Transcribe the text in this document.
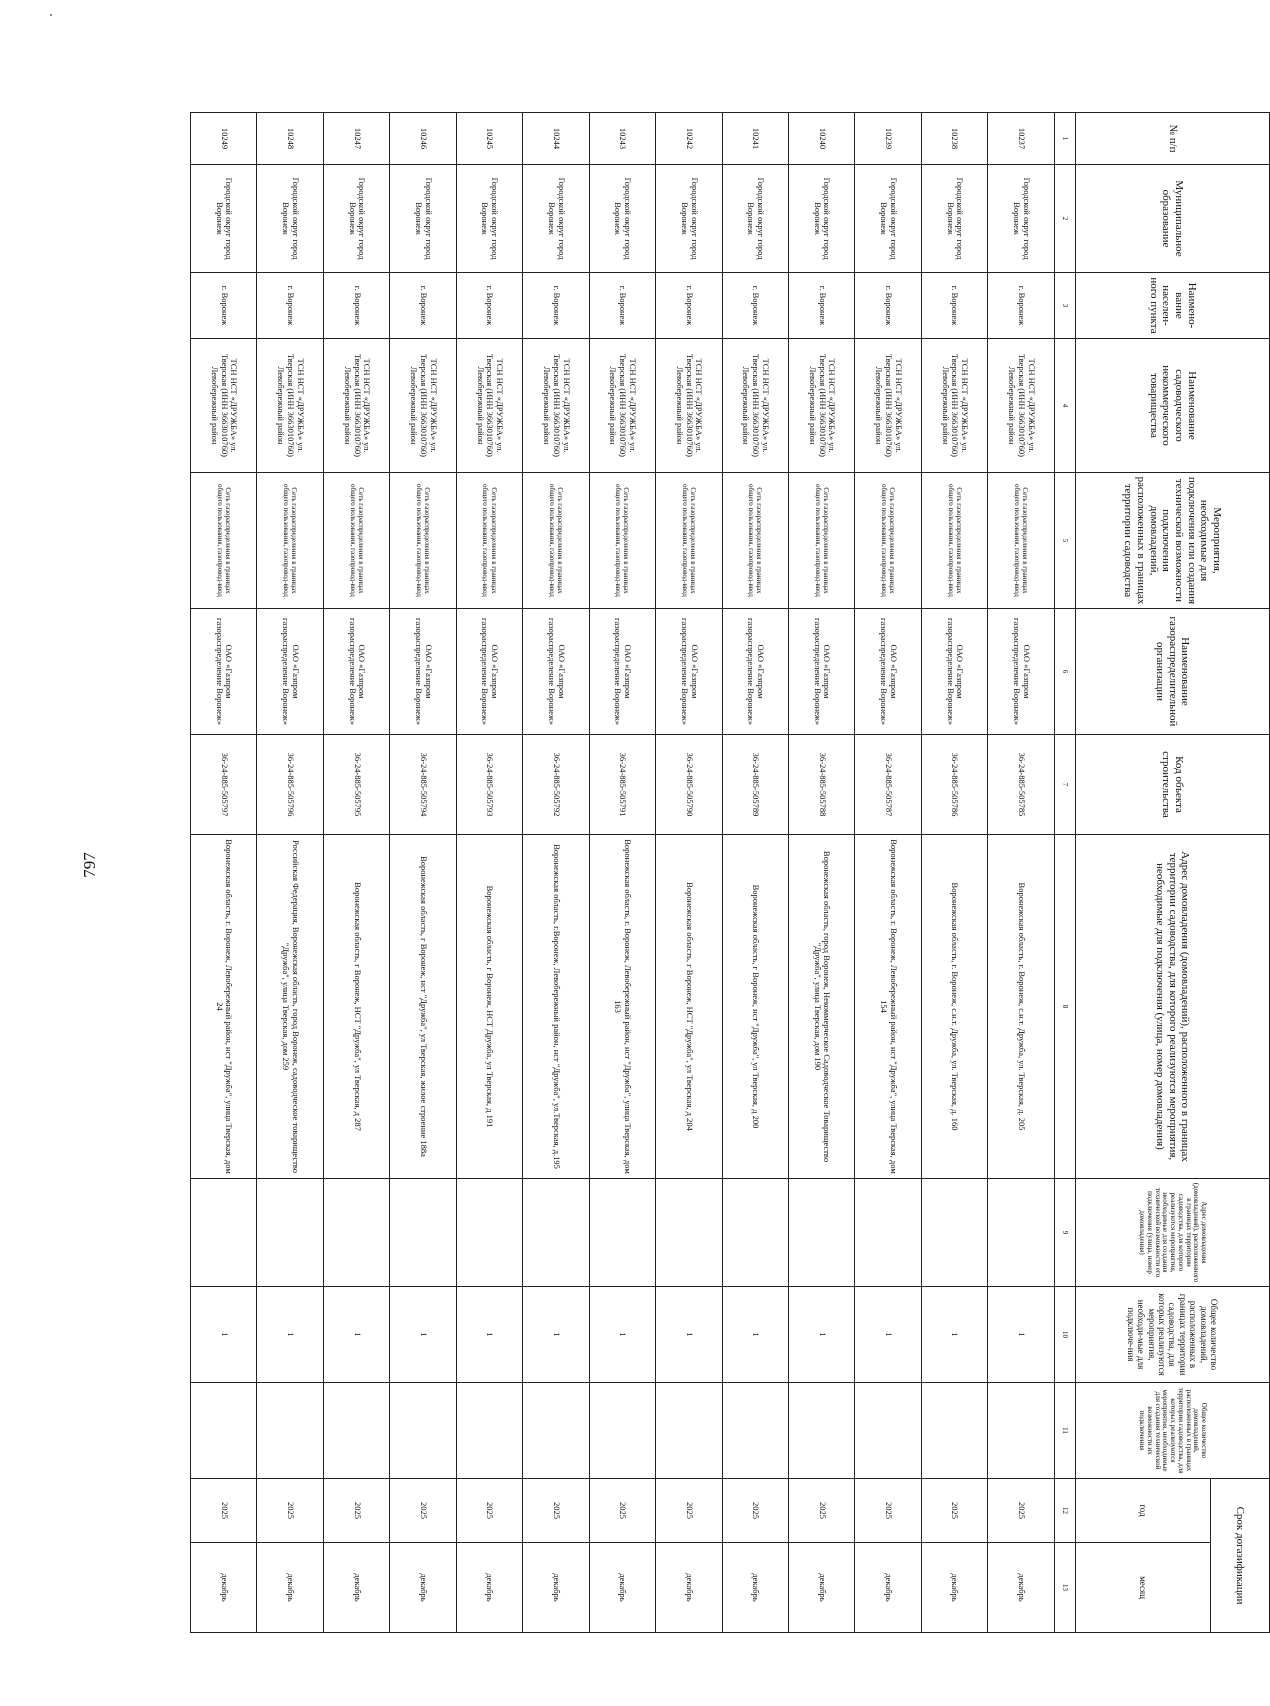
797
№ п/п	Муниципальное образование	Наимено-вание населен-ного пункта	Наименование садоводческого некоммерческого товарищества	Мероприятия, необходимые для подключения или создания технической возможности подключения домовладений, расположенных в границах территории садоводства	Наименование газораспределительной организации	Код объекта строительства	Адрес домовладения (домовладений), расположенного в границах территории садоводства, для которого реализуются мероприятия, необходимые для подключения (улица, номер домовладения)	Адрес домовладения (домовладений), расположенного в границах территории садоводства, для которого реализуются мероприятия, необходимые для создания технической возможности его подключения (улица, номер домовладения)	Общее количество домовладений, расположенных в границах территории садоводства, для которых реализуются мероприятия, необходи-мые для подключе-ния	Общее количество домовладений, расположенных в границах территории садоводства, для которых реализуются мероприятия, необходимые для создания технической возможности их подключения	Срок догазификации	
											год	месяц
1	2	3	4	5	6	7	8	9	10	11	12	13
10237	Городской округ город Воронеж	г. Воронеж	ТСН НСТ «ДРУЖБА» ул. Тверская (ИНН 3663010760) Левобережный район	Сеть газораспределения в границах общего пользования, газопровод-ввод	ОАО «Газпром газораспределение Воронеж»	36-24-885-505785	Воронежская область, г. Воронеж, с.н.т. Дружба, ул. Тверская, д. 205		1		2025	декабрь
10238	Городской округ город Воронеж	г. Воронеж	ТСН НСТ «ДРУЖБА» ул. Тверская (ИНН 3663010760) Левобережный район	Сеть газораспределения в границах общего пользования, газопровод-ввод	ОАО «Газпром газораспределение Воронеж»	36-24-885-505786	Воронежская область, г. Воронеж, с.н.т. Дружба, ул. Тверская, д. 160		1		2025	декабрь
10239	Городской округ город Воронеж	г. Воронеж	ТСН НСТ «ДРУЖБА» ул. Тверская (ИНН 3663010760) Левобережный район	Сеть газораспределения в границах общего пользования, газопровод-ввод	ОАО «Газпром газораспределение Воронеж»	36-24-885-505787	Воронежская область, г. Воронеж, Левобережный район, нст "Дружба", улица Тверская, дом 154		1		2025	декабрь
10240	Городской округ город Воронеж	г. Воронеж	ТСН НСТ «ДРУЖБА» ул. Тверская (ИНН 3663010760) Левобережный район	Сеть газораспределения в границах общего пользования, газопровод-ввод	ОАО «Газпром газораспределение Воронеж»	36-24-885-505788	Воронежская область, город Воронеж, Некоммерческое Садоводческое Товарищество "Дружба", улица Тверская, дом 190		1		2025	декабрь
10241	Городской округ город Воронеж	г. Воронеж	ТСН НСТ «ДРУЖБА» ул. Тверская (ИНН 3663010760) Левобережный район	Сеть газораспределения в границах общего пользования, газопровод-ввод	ОАО «Газпром газораспределение Воронеж»	36-24-885-505789	Воронежская область, г Воронеж, нст "Дружба", ул Тверская, д 200		1		2025	декабрь
10242	Городской округ город Воронеж	г. Воронеж	ТСН НСТ «ДРУЖБА» ул. Тверская (ИНН 3663010760) Левобережный район	Сеть газораспределения в границах общего пользования, газопровод-ввод	ОАО «Газпром газораспределение Воронеж»	36-24-885-505790	Воронежская область, г Воронеж, НСТ "Дружба", ул Тверская, д 204		1		2025	декабрь
10243	Городской округ город Воронеж	г. Воронеж	ТСН НСТ «ДРУЖБА» ул. Тверская (ИНН 3663010760) Левобережный район	Сеть газораспределения в границах общего пользования, газопровод-ввод	ОАО «Газпром газораспределение Воронеж»	36-24-885-505791	Воронежская область, г. Воронеж, Левобережный район, нст "Дружба", улица Тверская, дом 163		1		2025	декабрь
10244	Городской округ город Воронеж	г. Воронеж	ТСН НСТ «ДРУЖБА» ул. Тверская (ИНН 3663010760) Левобережный район	Сеть газораспределения в границах общего пользования, газопровод-ввод	ОАО «Газпром газораспределение Воронеж»	36-24-885-505792	Воронежская область, г.Воронеж, Левобережный район, нст "Дружба", ул.Тверская, д.195		1		2025	декабрь
10245	Городской округ город Воронеж	г. Воронеж	ТСН НСТ «ДРУЖБА» ул. Тверская (ИНН 3663010760) Левобережный район	Сеть газораспределения в границах общего пользования, газопровод-ввод	ОАО «Газпром газораспределение Воронеж»	36-24-885-505793	Воронежская область, г Воронеж, НСТ Дружба, ул Тверская, д 191		1		2025	декабрь
10246	Городской округ город Воронеж	г. Воронеж	ТСН НСТ «ДРУЖБА» ул. Тверская (ИНН 3663010760) Левобережный район	Сеть газораспределения в границах общего пользования, газопровод-ввод	ОАО «Газпром газораспределение Воронеж»	36-24-885-505794	Воронежская область, г Воронеж, нст "Дружба", ул Тверская, жилое строение 188а		1		2025	декабрь
10247	Городской округ город Воронеж	г. Воронеж	ТСН НСТ «ДРУЖБА» ул. Тверская (ИНН 3663010760) Левобережный район	Сеть газораспределения в границах общего пользования, газопровод-ввод	ОАО «Газпром газораспределение Воронеж»	36-24-885-505795	Воронежская область, г Воронеж, НСТ "Дружба", ул Тверская, д 287		1		2025	декабрь
10248	Городской округ город Воронеж	г. Воронеж	ТСН НСТ «ДРУЖБА» ул. Тверская (ИНН 3663010760) Левобережный район	Сеть газораспределения в границах общего пользования, газопровод-ввод	ОАО «Газпром газораспределение Воронеж»	36-24-885-505796	Российская Федерация, Воронежская область, город Воронеж, садоводческое товарищество "Дружба", улица Тверская, дом 259		1		2025	декабрь
10249	Городской округ город Воронеж	г. Воронеж	ТСН НСТ «ДРУЖБА» ул. Тверская (ИНН 3663010760) Левобережный район	Сеть газораспределения в границах общего пользования, газопровод-ввод	ОАО «Газпром газораспределение Воронеж»	36-24-885-505797	Воронежская область, г. Воронеж, Левобережный район, нст "Дружба", улица Тверская, дом 24		1		2025	декабрь
